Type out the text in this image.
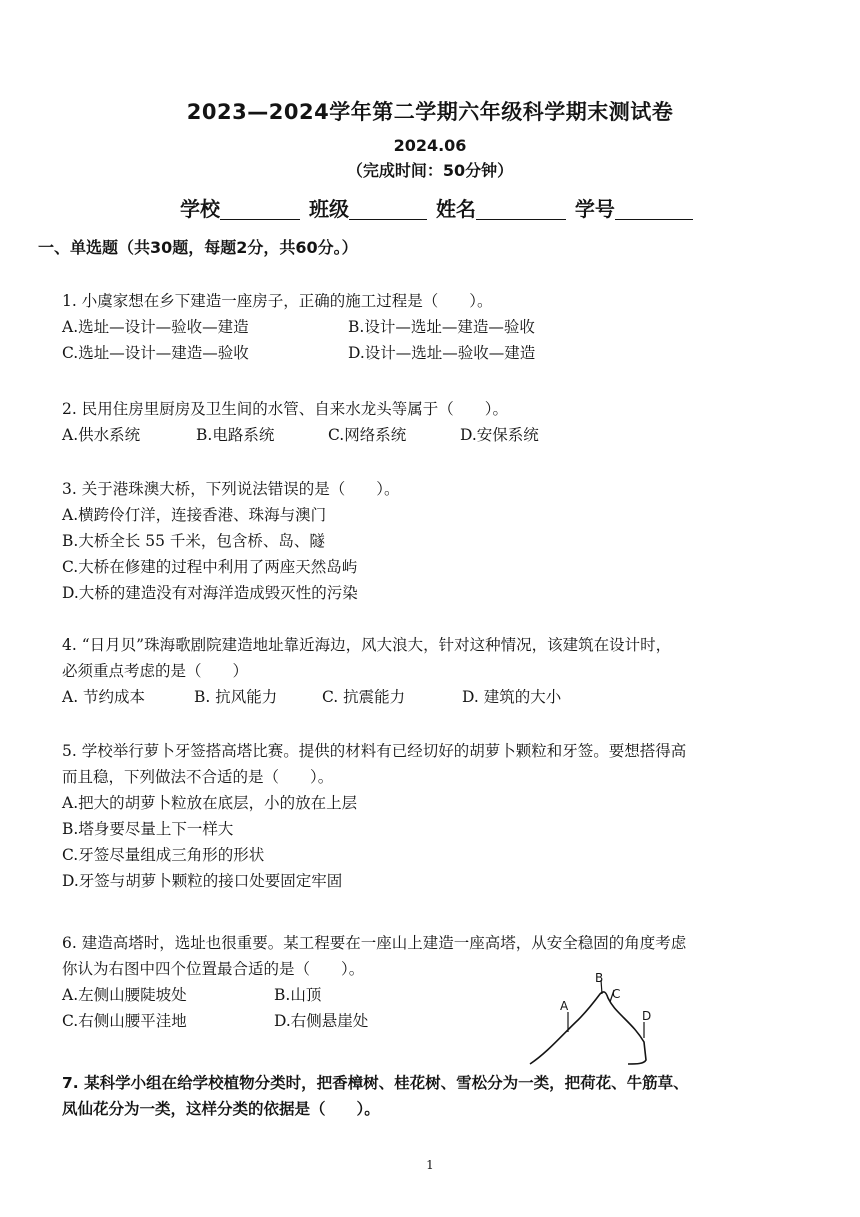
2023—2024学年第二学期六年级科学期末测试卷
2024.06
（完成时间：50分钟）
学校	班级	姓名	学号
一、单选题（共30题，每题2分，共60分。）
1. 小虞家想在乡下建造一座房子，正确的施工过程是（　　）。
A.选址—设计—验收—建造	B.设计—选址—建造—验收
C.选址—设计—建造—验收	D.设计—选址—验收—建造
2. 民用住房里厨房及卫生间的水管、自来水龙头等属于（　　）。
A.供水系统	B.电路系统	C.网络系统	D.安保系统
3. 关于港珠澳大桥，下列说法错误的是（　　）。
A.横跨伶仃洋，连接香港、珠海与澳门
B.大桥全长 55 千米，包含桥、岛、隧
C.大桥在修建的过程中利用了两座天然岛屿
D.大桥的建造没有对海洋造成毁灭性的污染
4. “日月贝”珠海歌剧院建造地址靠近海边，风大浪大，针对这种情况，该建筑在设计时，
必须重点考虑的是（　　）
A. 节约成本	B. 抗风能力	C. 抗震能力	D. 建筑的大小
5. 学校举行萝卜牙签搭高塔比赛。提供的材料有已经切好的胡萝卜颗粒和牙签。要想搭得高
而且稳，下列做法不合适的是（　　）。
A.把大的胡萝卜粒放在底层，小的放在上层
B.塔身要尽量上下一样大
C.牙签尽量组成三角形的形状
D.牙签与胡萝卜颗粒的接口处要固定牢固
6. 建造高塔时，选址也很重要。某工程要在一座山上建造一座高塔，从安全稳固的角度考虑
你认为右图中四个位置最合适的是（　　）。
A.左侧山腰陡坡处	B.山顶
C.右侧山腰平洼地	D.右侧悬崖处
A
B
C
D
7. 某科学小组在给学校植物分类时，把香樟树、桂花树、雪松分为一类，把荷花、牛筋草、
凤仙花分为一类，这样分类的依据是（　　）。
1
